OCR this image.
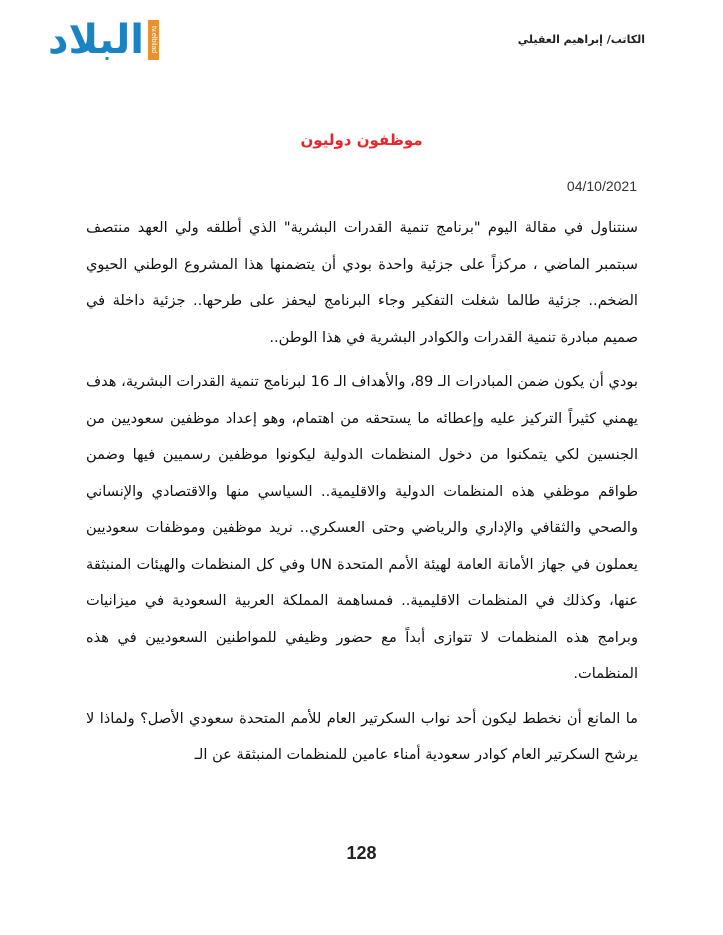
البلاد tv.elbilad	الكاتب/ إبراهيم العقيلي
موظفون دوليون
04/10/2021

سنتناول في مقالة اليوم "برنامج تنمية القدرات البشرية" الذي أطلقه ولي العهد منتصف سبتمبر الماضي ، مركزاً على جزئية واحدة بودي أن يتضمنها هذا المشروع الوطني الحيوي الضخم.. جزئية طالما شغلت التفكير وجاء البرنامج ليحفز على طرحها.. جزئية داخلة في صميم مبادرة تنمية القدرات والكوادر البشرية في هذا الوطن..

بودي أن يكون ضمن المبادرات الـ 89، والأهداف الـ 16 لبرنامج تنمية القدرات البشرية، هدف يهمني كثيراً التركيز عليه وإعطائه ما يستحقه من اهتمام، وهو إعداد موظفين سعوديين من الجنسين لكي يتمكنوا من دخول المنظمات الدولية ليكونوا موظفين رسميين فيها وضمن طواقم موظفي هذه المنظمات الدولية والاقليمية.. السياسي منها والاقتصادي والإنساني والصحي والثقافي والإداري والرياضي وحتى العسكري.. نريد موظفين وموظفات سعوديين يعملون في جهاز الأمانة العامة لهيئة الأمم المتحدة UN وفي كل المنظمات والهيئات المنبثقة عنها، وكذلك في المنظمات الاقليمية.. فمساهمة المملكة العربية السعودية في ميزانيات وبرامج هذه المنظمات لا تتوازى أبداً مع حضور وظيفي للمواطنين السعوديين في هذه المنظمات.

ما المانع أن نخطط ليكون أحد نواب السكرتير العام للأمم المتحدة سعودي الأصل؟ ولماذا لا يرشح السكرتير العام كوادر سعودية أمناء عامين للمنظمات المنبثقة عن الـ

128
